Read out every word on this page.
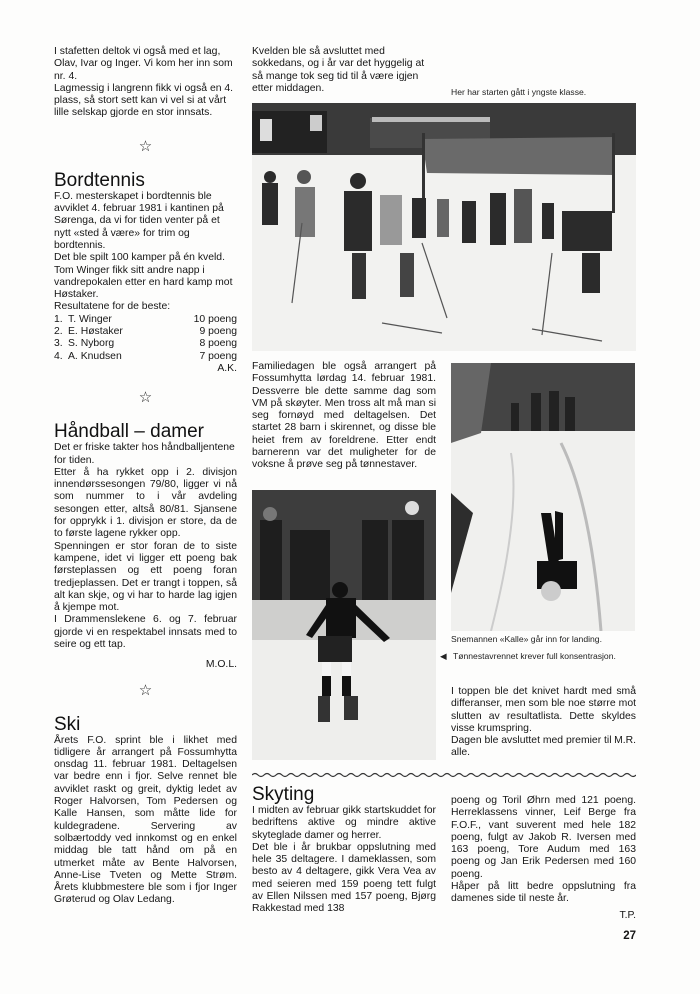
I stafetten deltok vi også med et lag, Olav, Ivar og Inger. Vi kom her inn som nr. 4.

Lagmessig i langrenn fikk vi også en 4. plass, så stort sett kan vi vel si at vårt lille selskap gjorde en stor innsats.

☆
Bordtennis

F.O. mesterskapet i bordtennis ble avviklet 4. februar 1981 i kantinen på Sørenga, da vi for tiden venter på et nytt «sted å være» for trim og bordtennis.

Det ble spilt 100 kamper på én kveld. Tom Winger fikk sitt andre napp i vandrepokalen etter en hard kamp mot Høstaker.

Resultatene for de beste:

1.	T. Winger	10 poeng
2.	E. Høstaker	9 poeng
3.	S. Nyborg	8 poeng
4.	A. Knudsen	7 poeng

A.K.

☆
Håndball – damer

Det er friske takter hos håndballjentene for tiden.

Etter å ha rykket opp i 2. divisjon innendørssesongen 79/80, ligger vi nå som nummer to i vår avdeling sesongen etter, altså 80/81. Sjansene for opprykk i 1. divisjon er store, da de to første lagene rykker opp.

Spenningen er stor foran de to siste kampene, idet vi ligger ett poeng bak førsteplassen og ett poeng foran tredjeplassen. Det er trangt i toppen, så alt kan skje, og vi har to harde lag igjen å kjempe mot.

I Drammenslekene 6. og 7. februar gjorde vi en respektabel innsats med to seire og ett tap.

M.O.L.

☆
Ski

Årets F.O. sprint ble i likhet med tidligere år arrangert på Fossumhytta onsdag 11. februar 1981. Deltagelsen var bedre enn i fjor. Selve rennet ble avviklet raskt og greit, dyktig ledet av Roger Halvorsen, Tom Pedersen og Kalle Hansen, som måtte lide for kuldegradene. Servering av solbærtoddy ved innkomst og en enkel middag ble tatt hånd om på en utmerket måte av Bente Halvorsen, Anne-Lise Tveten og Mette Strøm. Årets klubbmestere ble som i fjor Inger Grøterud og Olav Ledang.

Kvelden ble så avsluttet med sokkedans, og i år var det hyggelig at så mange tok seg tid til å være igjen etter middagen.	Her har starten gått i yngste klasse.

Familiedagen ble også arrangert på Fossumhytta lørdag 14. februar 1981. Dessverre ble dette samme dag som VM på skøyter. Men tross alt må man si seg fornøyd med deltagelsen. Det startet 28 barn i skirennet, og disse ble heiet frem av foreldrene. Etter endt barnerenn var det muligheter for de voksne å prøve seg på tønnestaver.

Snemannen «Kalle» går inn for landing.
◀ Tønnestavrennet krever full konsentrasjon.

I toppen ble det knivet hardt med små differanser, men som ble noe større mot slutten av resultatlista. Dette skyldes visse krumspring.

Dagen ble avsluttet med premier til alle.
M.R.
Skyting

I midten av februar gikk startskuddet for bedriftens aktive og mindre aktive skyteglade damer og herrer.

Det ble i år brukbar oppslutning med hele 35 deltagere. I dameklassen, som besto av 4 deltagere, gikk Vera Vea av med seieren med 159 poeng tett fulgt av Ellen Nilssen med 157 poeng, Bjørg Rakkestad med 138

poeng og Toril Øhrn med 121 poeng. Herreklassens vinner, Leif Berge fra F.O.F., vant suverent med hele 182 poeng, fulgt av Jakob R. Iversen med 163 poeng, Tore Audum med 163 poeng og Jan Erik Pedersen med 160 poeng.

Håper på litt bedre oppslutning fra damenes side til neste år.

T.P.

27
